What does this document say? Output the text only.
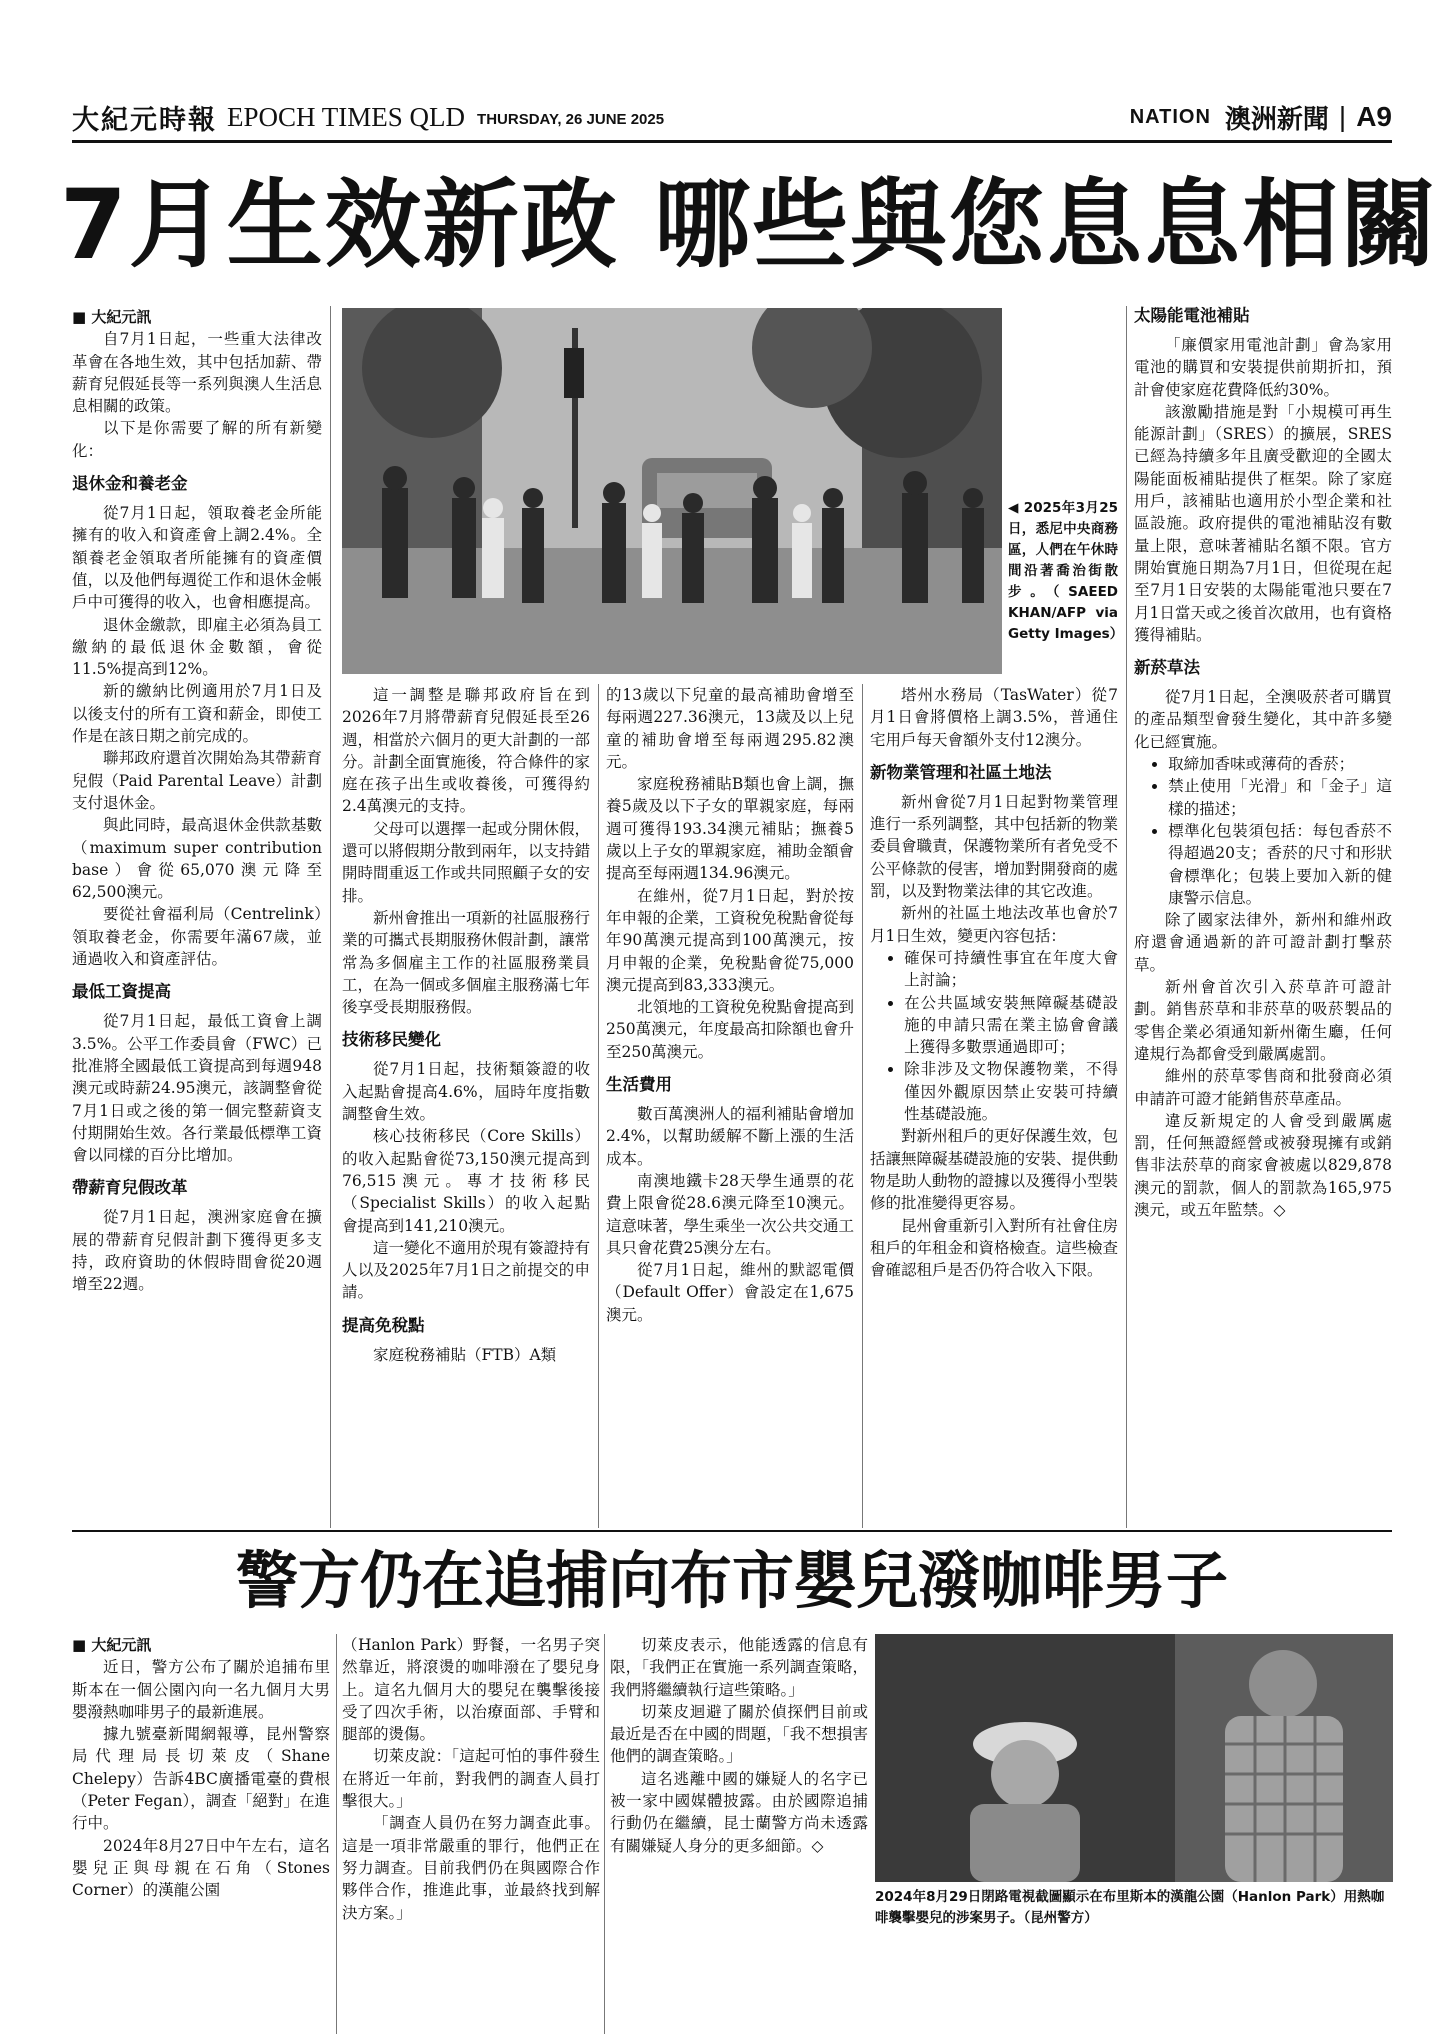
大紀元時報 EPOCH TIMES QLD THURSDAY, 26 JUNE 2025	NATION 澳洲新聞 | A9
7月生效新政 哪些與您息息相關

■ 大紀元訊

自7月1日起，一些重大法律改革會在各地生效，其中包括加薪、帶薪育兒假延長等一系列與澳人生活息息相關的政策。

以下是你需要了解的所有新變化：

退休金和養老金

從7月1日起，領取養老金所能擁有的收入和資產會上調2.4%。全額養老金領取者所能擁有的資產價值，以及他們每週從工作和退休金帳戶中可獲得的收入，也會相應提高。

退休金繳款，即雇主必須為員工繳納的最低退休金數額，會從11.5%提高到12%。

新的繳納比例適用於7月1日及以後支付的所有工資和薪金，即使工作是在該日期之前完成的。

聯邦政府還首次開始為其帶薪育兒假（Paid Parental Leave）計劃支付退休金。

與此同時，最高退休金供款基數（maximum super contribution base）會從65,070澳元降至62,500澳元。

要從社會福利局（Centrelink）領取養老金，你需要年滿67歲，並通過收入和資產評估。

最低工資提高

從7月1日起，最低工資會上調3.5%。公平工作委員會（FWC）已批准將全國最低工資提高到每週948澳元或時薪24.95澳元，該調整會從7月1日或之後的第一個完整薪資支付期開始生效。各行業最低標準工資會以同樣的百分比增加。

帶薪育兒假改革

從7月1日起，澳洲家庭會在擴展的帶薪育兒假計劃下獲得更多支持，政府資助的休假時間會從20週增至22週。

◀ 2025年3月25日，悉尼中央商務區，人們在午休時間沿著喬治街散步。（SAEED KHAN/AFP via Getty Images）

這一調整是聯邦政府旨在到2026年7月將帶薪育兒假延長至26週，相當於六個月的更大計劃的一部分。計劃全面實施後，符合條件的家庭在孩子出生或收養後，可獲得約2.4萬澳元的支持。

父母可以選擇一起或分開休假，還可以將假期分散到兩年，以支持錯開時間重返工作或共同照顧子女的安排。

新州會推出一項新的社區服務行業的可攜式長期服務休假計劃，讓常常為多個雇主工作的社區服務業員工，在為一個或多個雇主服務滿七年後享受長期服務假。

技術移民變化

從7月1日起，技術類簽證的收入起點會提高4.6%，屆時年度指數調整會生效。

核心技術移民（Core Skills）的收入起點會從73,150澳元提高到76,515澳元。專才技術移民（Specialist Skills）的收入起點會提高到141,210澳元。

這一變化不適用於現有簽證持有人以及2025年7月1日之前提交的申請。

提高免稅點

家庭稅務補貼（FTB）A類

的13歲以下兒童的最高補助會增至每兩週227.36澳元，13歲及以上兒童的補助會增至每兩週295.82澳元。

家庭稅務補貼B類也會上調，撫養5歲及以下子女的單親家庭，每兩週可獲得193.34澳元補貼；撫養5歲以上子女的單親家庭，補助金額會提高至每兩週134.96澳元。

在維州，從7月1日起，對於按年申報的企業，工資稅免稅點會從每年90萬澳元提高到100萬澳元，按月申報的企業，免稅點會從75,000澳元提高到83,333澳元。

北領地的工資稅免稅點會提高到250萬澳元，年度最高扣除額也會升至250萬澳元。

生活費用

數百萬澳洲人的福利補貼會增加2.4%，以幫助緩解不斷上漲的生活成本。

南澳地鐵卡28天學生通票的花費上限會從28.6澳元降至10澳元。這意味著，學生乘坐一次公共交通工具只會花費25澳分左右。

從7月1日起，維州的默認電價（Default Offer）會設定在1,675澳元。

塔州水務局（TasWater）從7月1日會將價格上調3.5%，普通住宅用戶每天會額外支付12澳分。

新物業管理和社區土地法

新州會從7月1日起對物業管理進行一系列調整，其中包括新的物業委員會職責，保護物業所有者免受不公平條款的侵害，增加對開發商的處罰，以及對物業法律的其它改進。

新州的社區土地法改革也會於7月1日生效，變更內容包括：

• 確保可持續性事宜在年度大會上討論；
• 在公共區域安裝無障礙基礎設施的申請只需在業主協會會議上獲得多數票通過即可；
• 除非涉及文物保護物業，不得僅因外觀原因禁止安裝可持續性基礎設施。

對新州租戶的更好保護生效，包括讓無障礙基礎設施的安裝、提供動物是助人動物的證據以及獲得小型裝修的批准變得更容易。

昆州會重新引入對所有社會住房租戶的年租金和資格檢查。這些檢查會確認租戶是否仍符合收入下限。

太陽能電池補貼

「廉價家用電池計劃」會為家用電池的購買和安裝提供前期折扣，預計會使家庭花費降低約30%。

該激勵措施是對「小規模可再生能源計劃」（SRES）的擴展，SRES已經為持續多年且廣受歡迎的全國太陽能面板補貼提供了框架。除了家庭用戶，該補貼也適用於小型企業和社區設施。政府提供的電池補貼沒有數量上限，意味著補貼名額不限。官方開始實施日期為7月1日，但從現在起至7月1日安裝的太陽能電池只要在7月1日當天或之後首次啟用，也有資格獲得補貼。

新菸草法

從7月1日起，全澳吸菸者可購買的產品類型會發生變化，其中許多變化已經實施。

• 取締加香味或薄荷的香菸；
• 禁止使用「光滑」和「金子」這樣的描述；
• 標準化包裝須包括：每包香菸不得超過20支；香菸的尺寸和形狀會標準化；包裝上要加入新的健康警示信息。

除了國家法律外，新州和維州政府還會通過新的許可證計劃打擊菸草。

新州會首次引入菸草許可證計劃。銷售菸草和非菸草的吸菸製品的零售企業必須通知新州衛生廳，任何違規行為都會受到嚴厲處罰。

維州的菸草零售商和批發商必須申請許可證才能銷售菸草產品。

違反新規定的人會受到嚴厲處罰，任何無證經營或被發現擁有或銷售非法菸草的商家會被處以829,878澳元的罰款，個人的罰款為165,975澳元，或五年監禁。◇

警方仍在追捕向布市嬰兒潑咖啡男子

■ 大紀元訊

近日，警方公布了關於追捕布里斯本在一個公園內向一名九個月大男嬰潑熱咖啡男子的最新進展。

據九號臺新聞網報導，昆州警察局代理局長切萊皮（Shane Chelepy）告訴4BC廣播電臺的費根（Peter Fegan），調查「絕對」在進行中。

2024年8月27日中午左右，這名嬰兒正與母親在石角（Stones Corner）的漢龍公園

（Hanlon Park）野餐，一名男子突然靠近，將滾燙的咖啡潑在了嬰兒身上。這名九個月大的嬰兒在襲擊後接受了四次手術，以治療面部、手臂和腿部的燙傷。

切萊皮說：「這起可怕的事件發生在將近一年前，對我們的調查人員打擊很大。」

「調查人員仍在努力調查此事。這是一項非常嚴重的罪行，他們正在努力調查。目前我們仍在與國際合作夥伴合作，推進此事，並最終找到解決方案。」

切萊皮表示，他能透露的信息有限，「我們正在實施一系列調查策略，我們將繼續執行這些策略。」

切萊皮迴避了關於偵探們目前或最近是否在中國的問題，「我不想損害他們的調查策略。」

這名逃離中國的嫌疑人的名字已被一家中國媒體披露。由於國際追捕行動仍在繼續，昆士蘭警方尚未透露有關嫌疑人身分的更多細節。◇

2024年8月29日閉路電視截圖顯示在布里斯本的漢龍公園（Hanlon Park）用熱咖啡襲擊嬰兒的涉案男子。（昆州警方）
